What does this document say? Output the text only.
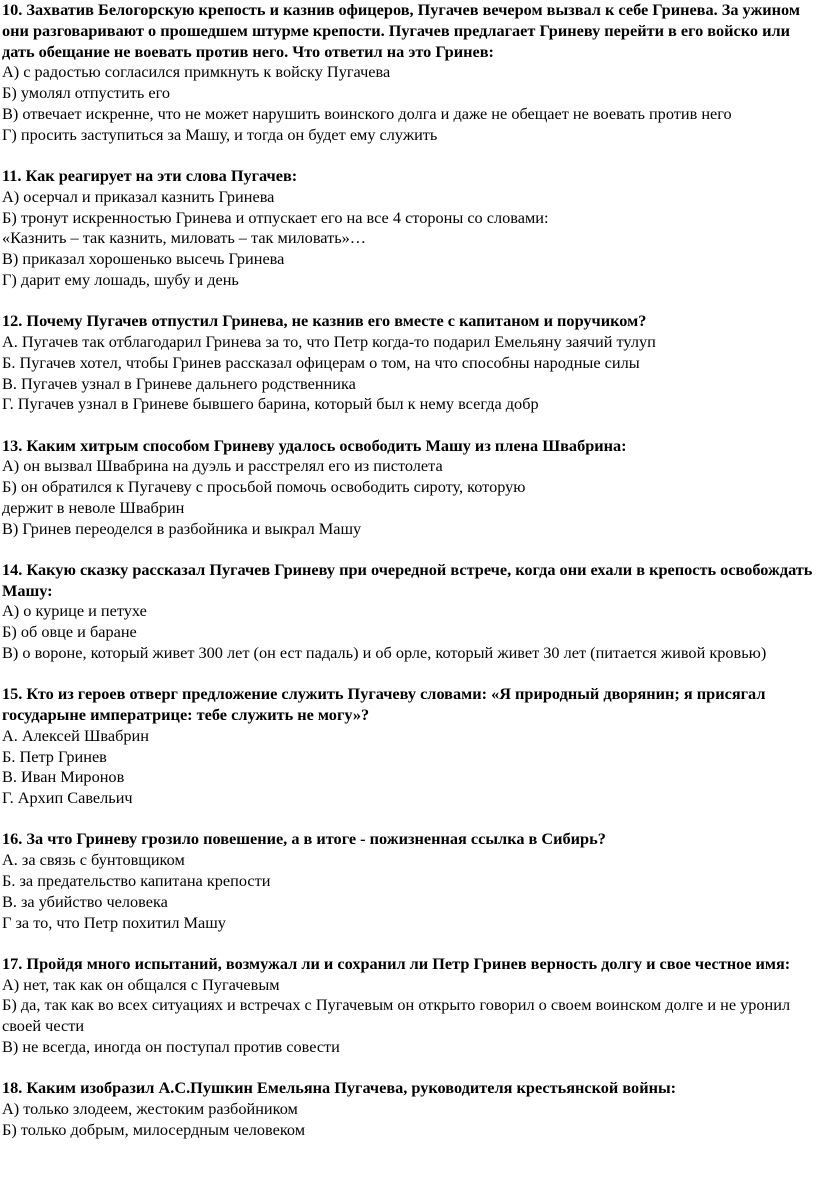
10. Захватив Белогорскую крепость и казнив офицеров, Пугачев вечером вызвал к себе Гринева. За ужином они разговаривают о прошедшем штурме крепости. Пугачев предлагает Гриневу перейти в его войско или дать обещание не воевать против него. Что ответил на это Гринев:
А) с радостью согласился примкнуть к войску Пугачева
Б) умолял отпустить его
В) отвечает искренне, что не может нарушить воинского долга и даже не обещает не воевать против него
Г) просить заступиться за Машу, и тогда он будет ему служить
11. Как реагирует на эти слова Пугачев:
А) осерчал и приказал казнить Гринева
Б) тронут искренностью Гринева и отпускает его на все 4 стороны со словами:
«Казнить – так казнить, миловать – так миловать»…
В) приказал хорошенько высечь Гринева
Г) дарит ему лошадь, шубу и день
12. Почему Пугачев отпустил Гринева, не казнив его вместе с капитаном и поручиком?
А. Пугачев так отблагодарил Гринева за то, что Петр когда-то подарил Емельяну заячий тулуп
Б. Пугачев хотел, чтобы Гринев рассказал офицерам о том, на что способны народные силы
В. Пугачев узнал в Гриневе дальнего родственника
Г. Пугачев узнал в Гриневе бывшего барина, который был к нему всегда добр
13. Каким хитрым способом Гриневу удалось освободить Машу из плена Швабрина:
А) он вызвал Швабрина на дуэль и расстрелял его из пистолета
Б) он обратился к Пугачеву с просьбой помочь освободить сироту, которую
держит в неволе Швабрин
В) Гринев переоделся в разбойника и выкрал Машу
14. Какую сказку рассказал Пугачев Гриневу при очередной встрече, когда они ехали в крепость освобождать Машу:
А) о курице и петухе
Б) об овце и баране
В) о вороне, который живет 300 лет (он ест падаль) и об орле, который живет 30 лет (питается живой кровью)
15. Кто из героев отверг предложение служить Пугачеву словами: «Я природный дворянин; я присягал государыне императрице: тебе служить не могу»?
А. Алексей Швабрин
Б. Петр Гринев
В. Иван Миронов
Г. Архип Савельич
16. За что Гриневу грозило повешение, а в итоге - пожизненная ссылка в Сибирь?
А. за связь с бунтовщиком
Б. за предательство капитана крепости
В. за убийство человека
Г за то, что Петр похитил Машу
17. Пройдя много испытаний, возмужал ли и сохранил ли Петр Гринев верность долгу и свое честное имя:
А) нет, так как он общался с Пугачевым
Б) да, так как во всех ситуациях и встречах с Пугачевым он открыто говорил о своем воинском долге и не уронил своей чести
В) не всегда, иногда он поступал против совести
18. Каким изобразил А.С.Пушкин Емельяна Пугачева, руководителя крестьянской войны:
А) только злодеем, жестоким разбойником
Б) только добрым, милосердным человеком
